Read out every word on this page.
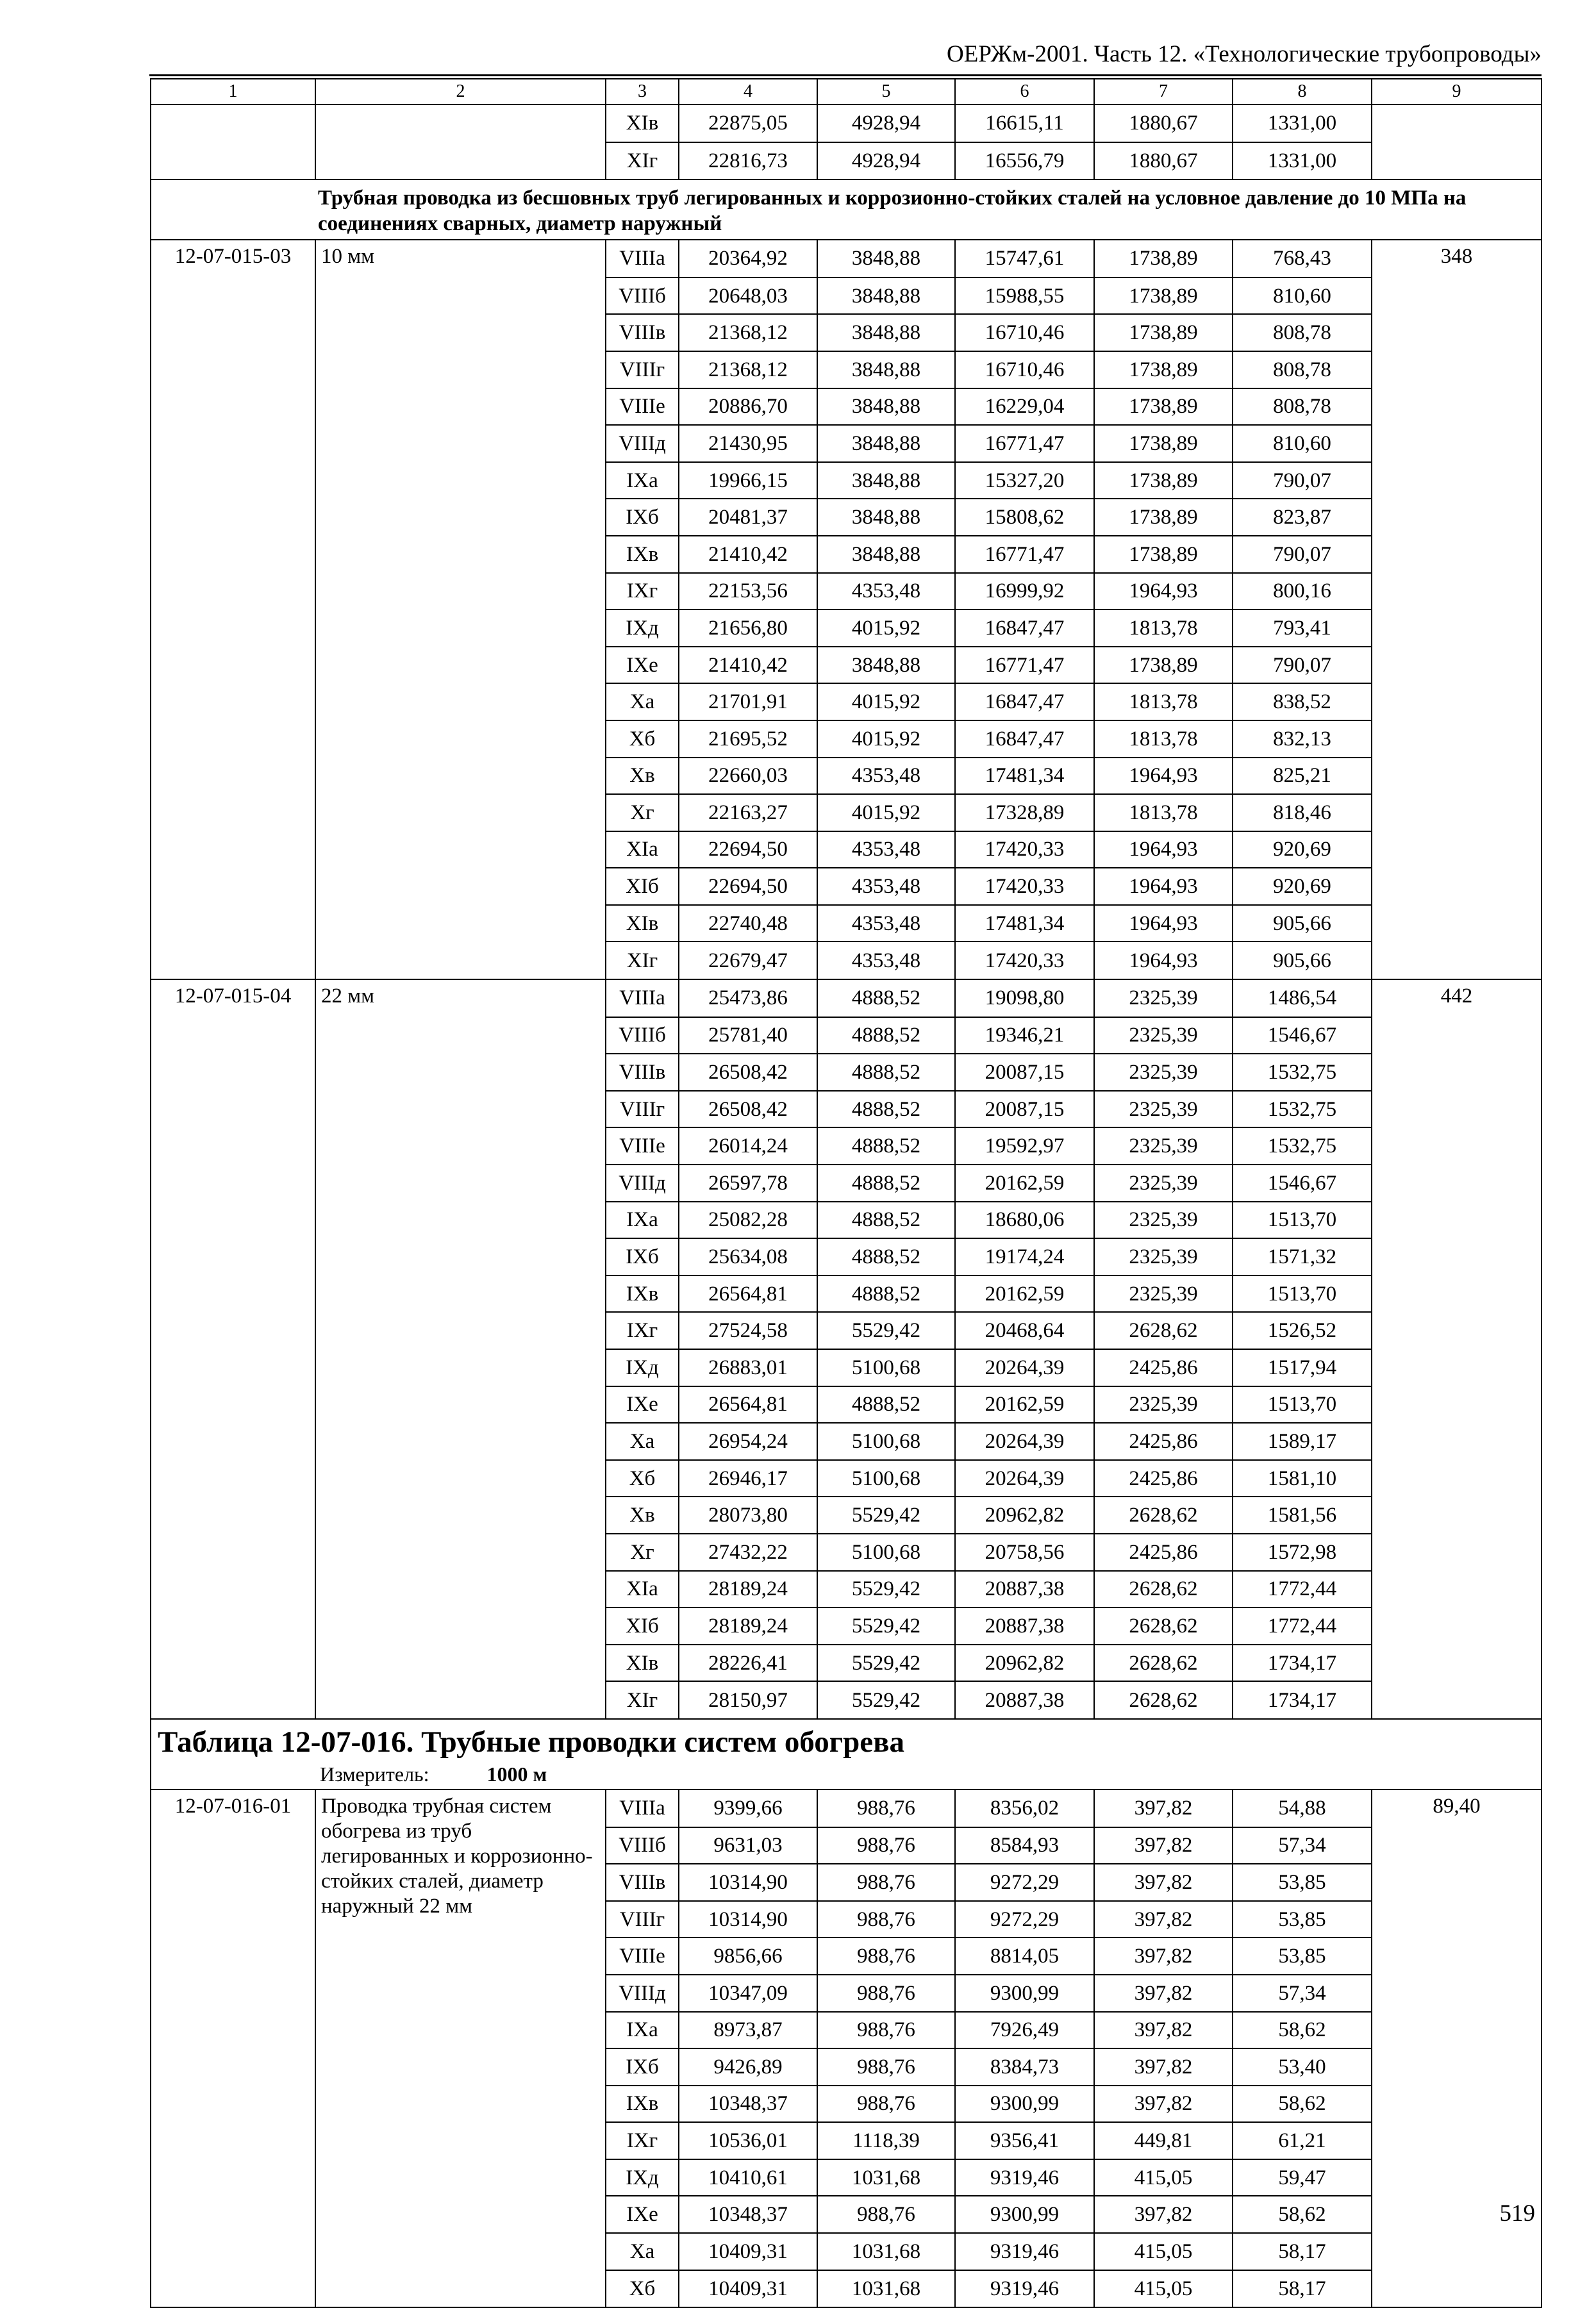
ОЕРЖм-2001. Часть 12. «Технологические трубопроводы»
1	2	3	4	5	6	7	8	9
		XIв	22875,05	4928,94	16615,11	1880,67	1331,00	
		XIг	22816,73	4928,94	16556,79	1880,67	1331,00	
Трубная проводка из бесшовных труб легированных и коррозионно-стойких сталей на условное давление до 10 МПа на соединениях сварных, диаметр наружный								
12-07-015-03	10 мм	VIIIа	20364,92	3848,88	15747,61	1738,89	768,43	348
		VIIIб	20648,03	3848,88	15988,55	1738,89	810,60	
		VIIIв	21368,12	3848,88	16710,46	1738,89	808,78	
		VIIIг	21368,12	3848,88	16710,46	1738,89	808,78	
		VIIIе	20886,70	3848,88	16229,04	1738,89	808,78	
		VIIIд	21430,95	3848,88	16771,47	1738,89	810,60	
		IXа	19966,15	3848,88	15327,20	1738,89	790,07	
		IXб	20481,37	3848,88	15808,62	1738,89	823,87	
		IXв	21410,42	3848,88	16771,47	1738,89	790,07	
		IXг	22153,56	4353,48	16999,92	1964,93	800,16	
		IXд	21656,80	4015,92	16847,47	1813,78	793,41	
		IXе	21410,42	3848,88	16771,47	1738,89	790,07	
		Xа	21701,91	4015,92	16847,47	1813,78	838,52	
		Xб	21695,52	4015,92	16847,47	1813,78	832,13	
		Xв	22660,03	4353,48	17481,34	1964,93	825,21	
		Xг	22163,27	4015,92	17328,89	1813,78	818,46	
		XIа	22694,50	4353,48	17420,33	1964,93	920,69	
		XIб	22694,50	4353,48	17420,33	1964,93	920,69	
		XIв	22740,48	4353,48	17481,34	1964,93	905,66	
		XIг	22679,47	4353,48	17420,33	1964,93	905,66	
12-07-015-04	22 мм	VIIIа	25473,86	4888,52	19098,80	2325,39	1486,54	442
		VIIIб	25781,40	4888,52	19346,21	2325,39	1546,67	
		VIIIв	26508,42	4888,52	20087,15	2325,39	1532,75	
		VIIIг	26508,42	4888,52	20087,15	2325,39	1532,75	
		VIIIе	26014,24	4888,52	19592,97	2325,39	1532,75	
		VIIIд	26597,78	4888,52	20162,59	2325,39	1546,67	
		IXа	25082,28	4888,52	18680,06	2325,39	1513,70	
		IXб	25634,08	4888,52	19174,24	2325,39	1571,32	
		IXв	26564,81	4888,52	20162,59	2325,39	1513,70	
		IXг	27524,58	5529,42	20468,64	2628,62	1526,52	
		IXд	26883,01	5100,68	20264,39	2425,86	1517,94	
		IXе	26564,81	4888,52	20162,59	2325,39	1513,70	
		Xа	26954,24	5100,68	20264,39	2425,86	1589,17	
		Xб	26946,17	5100,68	20264,39	2425,86	1581,10	
		Xв	28073,80	5529,42	20962,82	2628,62	1581,56	
		Xг	27432,22	5100,68	20758,56	2425,86	1572,98	
		XIа	28189,24	5529,42	20887,38	2628,62	1772,44	
		XIб	28189,24	5529,42	20887,38	2628,62	1772,44	
		XIв	28226,41	5529,42	20962,82	2628,62	1734,17	
		XIг	28150,97	5529,42	20887,38	2628,62	1734,17	

Таблица 12-07-016. Трубные проводки систем обогрева
Измеритель: 1000 м								

12-07-016-01	Проводка трубная систем обогрева из труб легированных и коррозионно-стойких сталей, диаметр наружный 22 мм	VIIIа	9399,66	988,76	8356,02	397,82	54,88	89,40
		VIIIб	9631,03	988,76	8584,93	397,82	57,34	
		VIIIв	10314,90	988,76	9272,29	397,82	53,85	
		VIIIг	10314,90	988,76	9272,29	397,82	53,85	
		VIIIе	9856,66	988,76	8814,05	397,82	53,85	
		VIIIд	10347,09	988,76	9300,99	397,82	57,34	
		IXа	8973,87	988,76	7926,49	397,82	58,62	
		IXб	9426,89	988,76	8384,73	397,82	53,40	
		IXв	10348,37	988,76	9300,99	397,82	58,62	
		IXг	10536,01	1118,39	9356,41	449,81	61,21	
		IXд	10410,61	1031,68	9319,46	415,05	59,47	
		IXе	10348,37	988,76	9300,99	397,82	58,62	
		Xа	10409,31	1031,68	9319,46	415,05	58,17	
		Xб	10409,31	1031,68	9319,46	415,05	58,17	
519
